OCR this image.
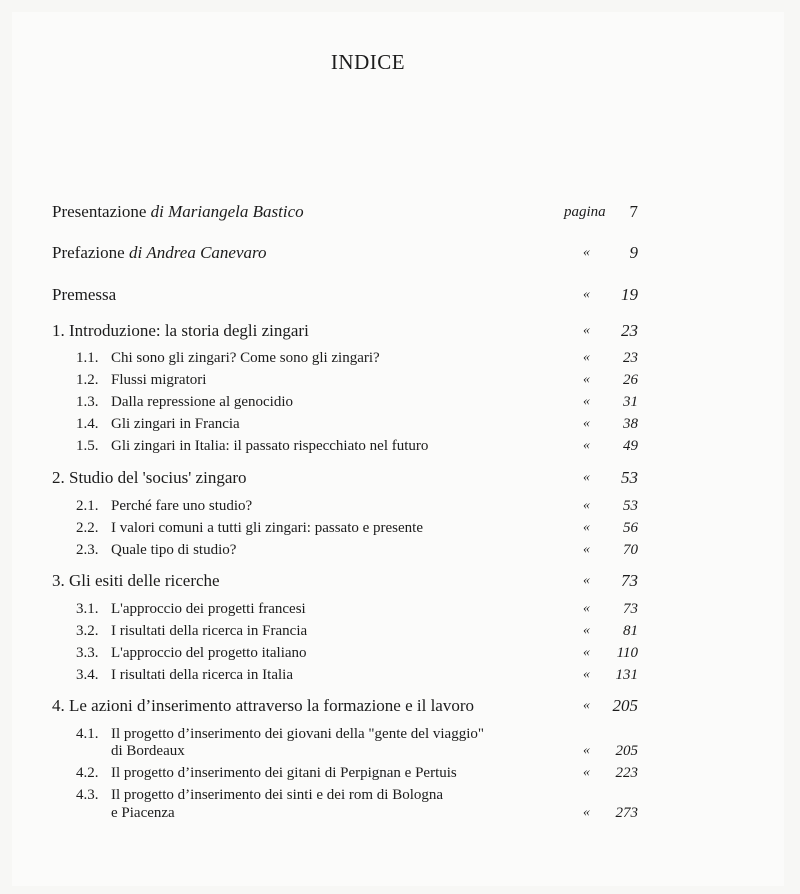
INDICE
Presentazione di Mariangela Bastico	pagina 7
Prefazione di Andrea Canevaro	« 9
Premessa	« 19
1. Introduzione: la storia degli zingari	« 23
1.1. Chi sono gli zingari? Come sono gli zingari?	« 23
1.2. Flussi migratori	« 26
1.3. Dalla repressione al genocidio	« 31
1.4. Gli zingari in Francia	« 38
1.5. Gli zingari in Italia: il passato rispecchiato nel futuro	« 49
2. Studio del 'socius' zingaro	« 53
2.1. Perché fare uno studio?	« 53
2.2. I valori comuni a tutti gli zingari: passato e presente	« 56
2.3. Quale tipo di studio?	« 70
3. Gli esiti delle ricerche	« 73
3.1. L'approccio dei progetti francesi	« 73
3.2. I risultati della ricerca in Francia	« 81
3.3. L'approccio del progetto italiano	« 110
3.4. I risultati della ricerca in Italia	« 131
4. Le azioni d’inserimento attraverso la formazione e il lavoro	« 205
4.1. Il progetto d’inserimento dei giovani della "gente del viaggio"
di Bordeaux	« 205
4.2. Il progetto d’inserimento dei gitani di Perpignan e Pertuis	« 223
4.3. Il progetto d’inserimento dei sinti e dei rom di Bologna
e Piacenza	« 273
